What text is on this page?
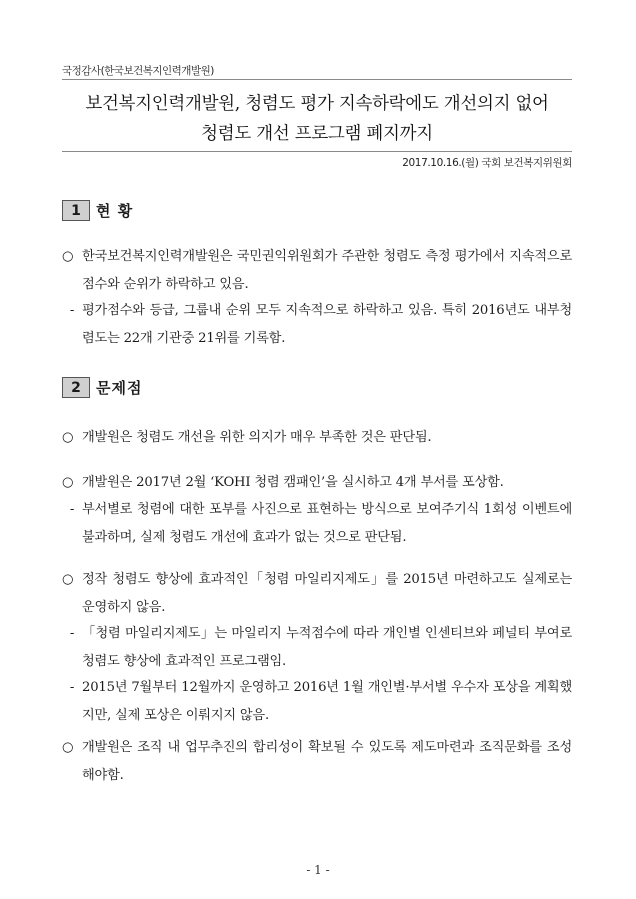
국정감사(한국보건복지인력개발원)
보건복지인력개발원, 청렴도 평가 지속하락에도 개선의지 없어
청렴도 개선 프로그램 폐지까지
2017.10.16.(월) 국회 보건복지위원회
1	현 황
○ 한국보건복지인력개발원은 국민권익위원회가 주관한 청렴도 측정 평가에서 지속적으로 점수와 순위가 하락하고 있음.
- 평가점수와 등급, 그룹내 순위 모두 지속적으로 하락하고 있음. 특히 2016년도 내부청렴도는 22개 기관중 21위를 기록함.
2	문제점
○ 개발원은 청렴도 개선을 위한 의지가 매우 부족한 것은 판단됨.
○ 개발원은 2017년 2월 ‘KOHI 청렴 캠패인’을 실시하고 4개 부서를 포상함.
- 부서별로 청렴에 대한 포부를 사진으로 표현하는 방식으로 보여주기식 1회성 이벤트에 불과하며, 실제 청렴도 개선에 효과가 없는 것으로 판단됨.
○ 정작 청렴도 향상에 효과적인「청렴 마일리지제도」를 2015년 마련하고도 실제로는 운영하지 않음.
- 「청렴 마일리지제도」는 마일리지 누적점수에 따라 개인별 인센티브와 페널티 부여로 청렴도 향상에 효과적인 프로그램임.
- 2015년 7월부터 12월까지 운영하고 2016년 1월 개인별·부서별 우수자 포상을 계획했지만, 실제 포상은 이뤄지지 않음.
○ 개발원은 조직 내 업무추진의 합리성이 확보될 수 있도록 제도마련과 조직문화를 조성해야함.
- 1 -
